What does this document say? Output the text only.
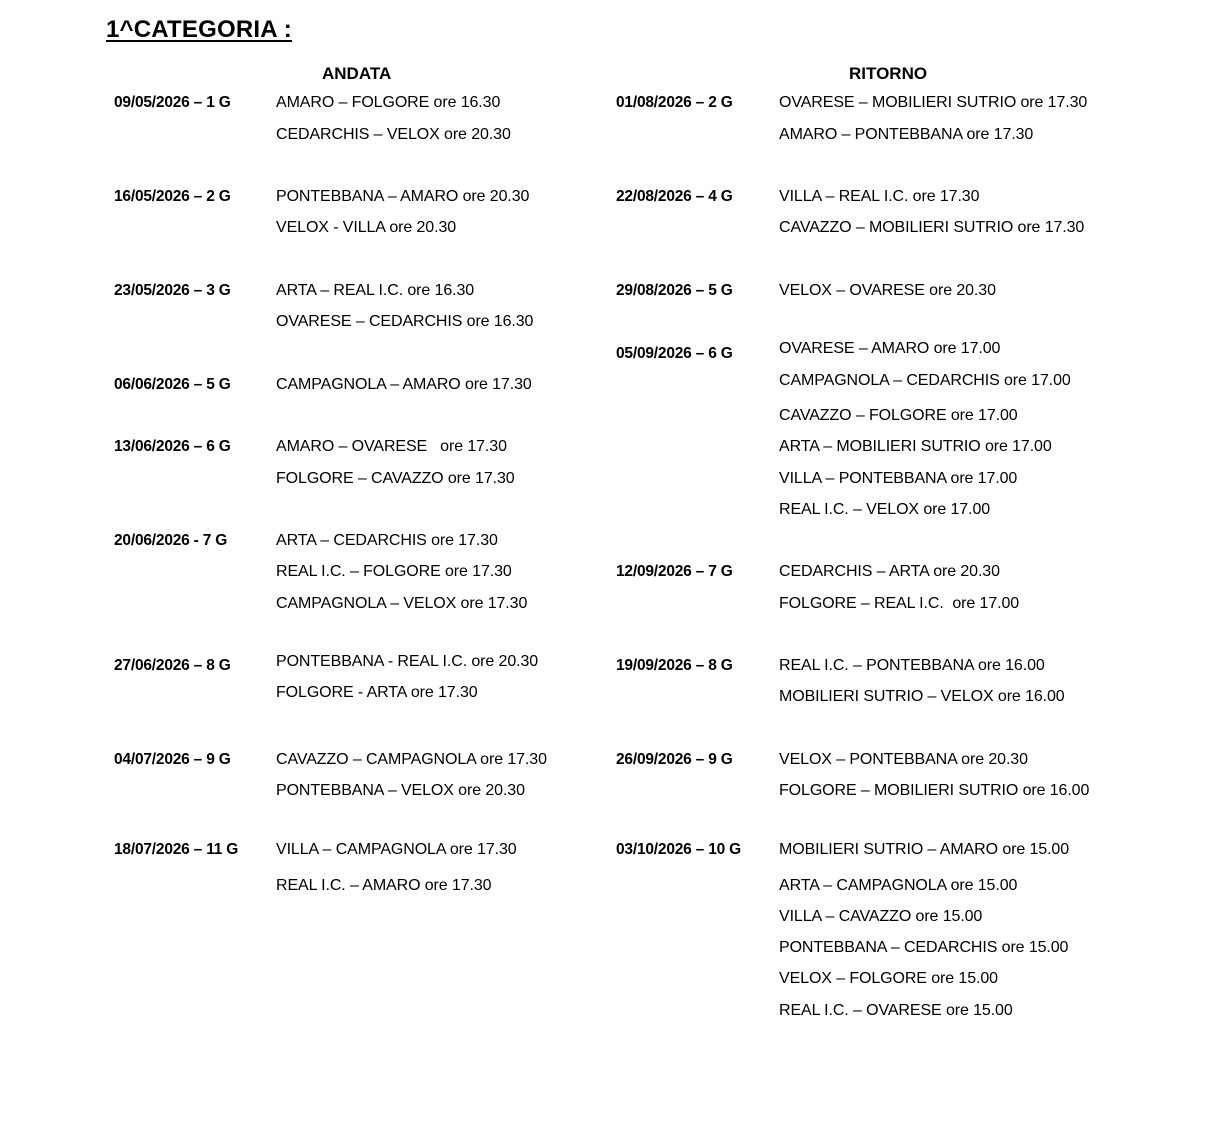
1^CATEGORIA :
ANDATA	RITORNO
09/05/2026 – 1 G	AMARO – FOLGORE ore 16.30
CEDARCHIS – VELOX ore 20.30
16/05/2026 – 2 G	PONTEBBANA – AMARO ore 20.30
VELOX - VILLA ore 20.30
23/05/2026 – 3 G	ARTA – REAL I.C. ore 16.30
OVARESE – CEDARCHIS ore 16.30
06/06/2026 – 5 G	CAMPAGNOLA – AMARO ore 17.30
13/06/2026 – 6 G	AMARO – OVARESE   ore 17.30
FOLGORE – CAVAZZO ore 17.30
20/06/2026 - 7 G	ARTA – CEDARCHIS ore 17.30
REAL I.C. – FOLGORE ore 17.30
CAMPAGNOLA – VELOX ore 17.30
27/06/2026 – 8 G	PONTEBBANA - REAL I.C. ore 20.30
FOLGORE - ARTA ore 17.30
04/07/2026 – 9 G	CAVAZZO – CAMPAGNOLA ore 17.30
PONTEBBANA – VELOX ore 20.30
18/07/2026 – 11 G VILLA – CAMPAGNOLA ore 17.30
REAL I.C. – AMARO ore 17.30
01/08/2026 – 2 G	OVARESE – MOBILIERI SUTRIO ore 17.30
AMARO – PONTEBBANA ore 17.30
22/08/2026 – 4 G	VILLA – REAL I.C. ore 17.30
CAVAZZO – MOBILIERI SUTRIO ore 17.30
29/08/2026 – 5 G	VELOX – OVARESE ore 20.30
05/09/2026 – 6 G	OVARESE – AMARO ore 17.00
CAMPAGNOLA – CEDARCHIS ore 17.00
CAVAZZO – FOLGORE ore 17.00
ARTA – MOBILIERI SUTRIO ore 17.00
VILLA – PONTEBBANA ore 17.00
REAL I.C. – VELOX ore 17.00
12/09/2026 – 7 G	CEDARCHIS – ARTA ore 20.30
FOLGORE – REAL I.C.  ore 17.00
19/09/2026 – 8 G	REAL I.C. – PONTEBBANA ore 16.00
MOBILIERI SUTRIO – VELOX ore 16.00
26/09/2026 – 9 G	VELOX – PONTEBBANA ore 20.30
FOLGORE – MOBILIERI SUTRIO ore 16.00
03/10/2026 – 10 G MOBILIERI SUTRIO – AMARO ore 15.00
ARTA – CAMPAGNOLA ore 15.00
VILLA – CAVAZZO ore 15.00
PONTEBBANA – CEDARCHIS ore 15.00
VELOX – FOLGORE ore 15.00
REAL I.C. – OVARESE ore 15.00
